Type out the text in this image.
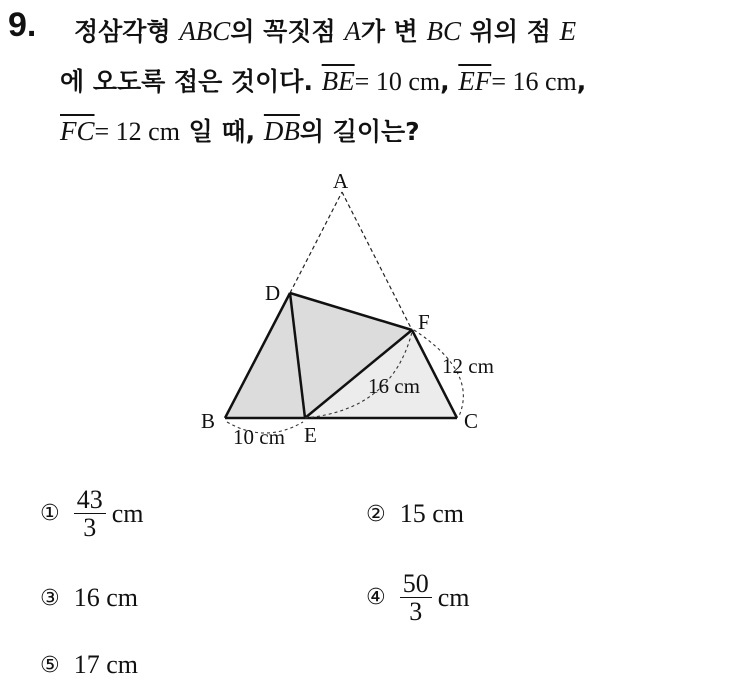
9. 정삼각형 ABC의 꼭짓점 A가 변 BC 위의 점 E
에 오도록 접은 것이다. $\overline{BE}= 10$ cm, $\overline{EF}= 16$ cm,
$\overline{FC}= 12$ cm 일 때, $\overline{DB}$의 길이는?
A
B	C
D
E
F
16 cm
12 cm
10 cm
① $\frac{43}{3}$ cm	② 15 cm
③ 16 cm	④ $\frac{50}{3}$ cm
⑤ 17 cm
